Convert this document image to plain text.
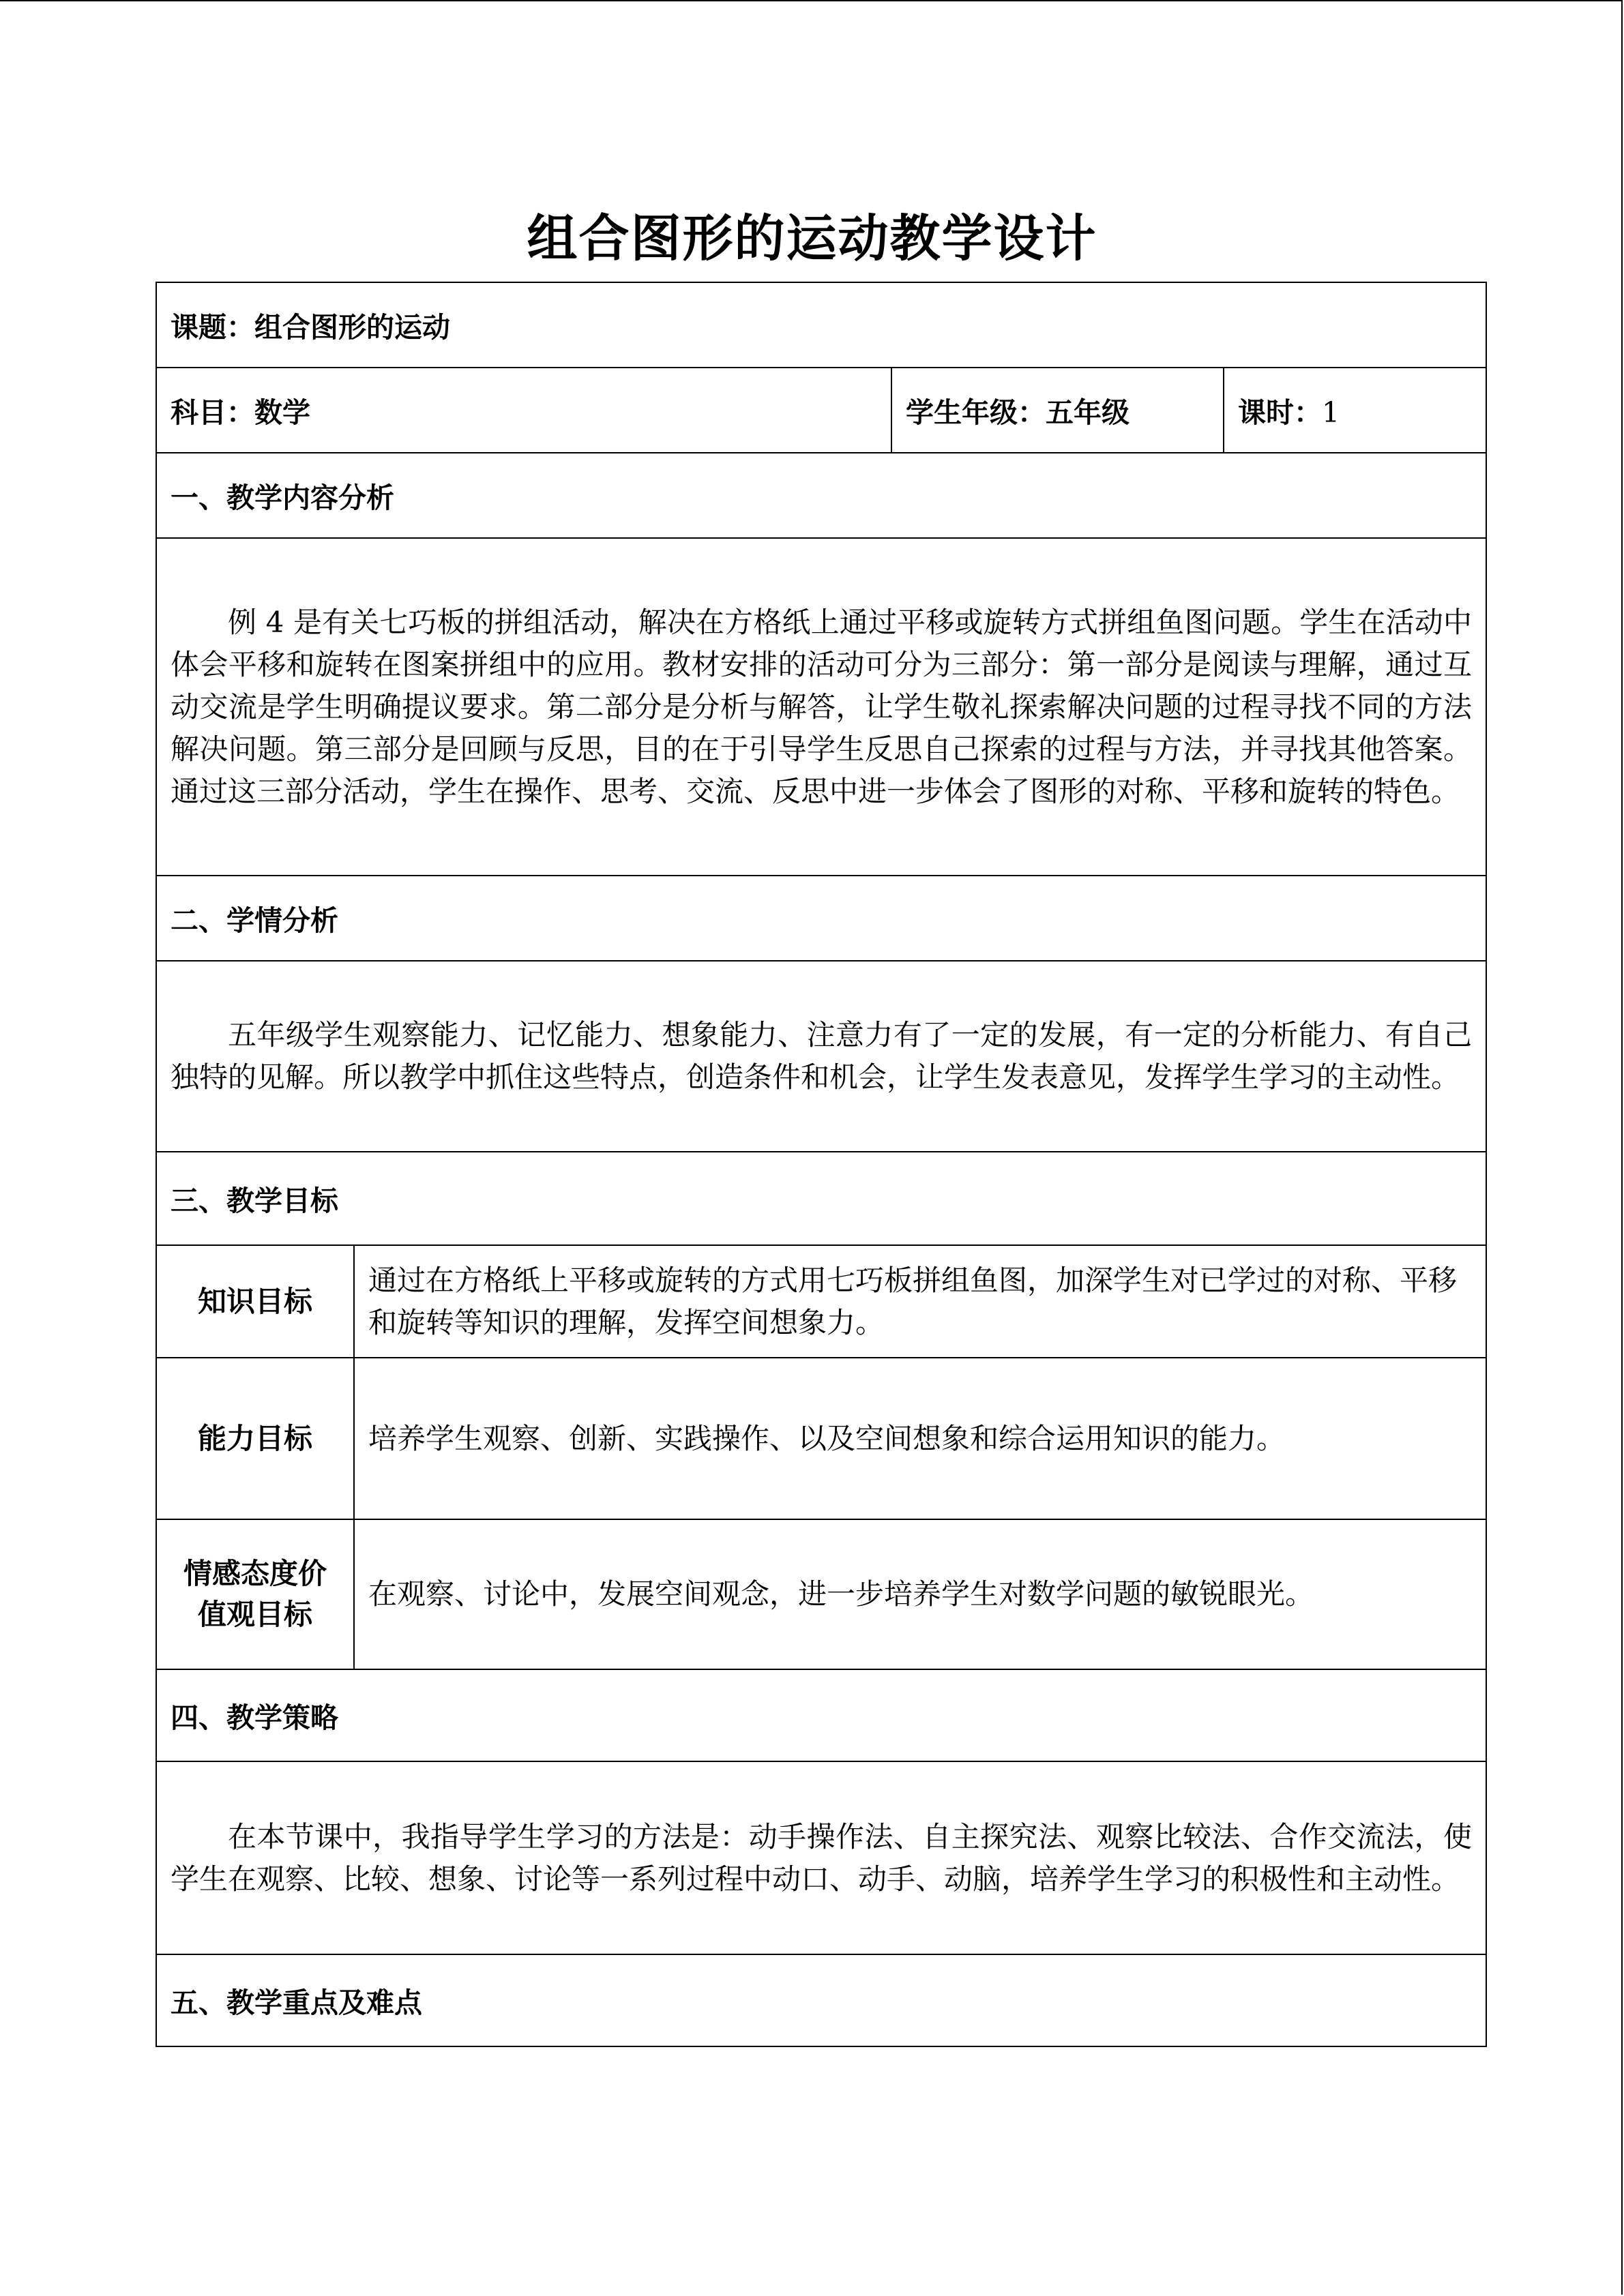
组合图形的运动教学设计
课题：组合图形的运动			
科目：数学		学生年级：五年级	课时：1
一、教学内容分析			

例 4 是有关七巧板的拼组活动，解决在方格纸上通过平移或旋转方式拼组鱼图问题。学生在活动中体会平移和旋转在图案拼组中的应用。教材安排的活动可分为三部分：第一部分是阅读与理解，通过互动交流是学生明确提议要求。第二部分是分析与解答，让学生敬礼探索解决问题的过程寻找不同的方法解决问题。第三部分是回顾与反思，目的在于引导学生反思自己探索的过程与方法，并寻找其他答案。通过这三部分活动，学生在操作、思考、交流、反思中进一步体会了图形的对称、平移和旋转的特色。			

二、学情分析			

五年级学生观察能力、记忆能力、想象能力、注意力有了一定的发展，有一定的分析能力、有自己独特的见解。所以教学中抓住这些特点，创造条件和机会，让学生发表意见，发挥学生学习的主动性。			

三、教学目标			
知识目标	通过在方格纸上平移或旋转的方式用七巧板拼组鱼图，加深学生对已学过的对称、平移和旋转等知识的理解，发挥空间想象力。		
能力目标	培养学生观察、创新、实践操作、以及空间想象和综合运用知识的能力。		
情感态度价值观目标	在观察、讨论中，发展空间观念，进一步培养学生对数学问题的敏锐眼光。		
四、教学策略			

在本节课中，我指导学生学习的方法是：动手操作法、自主探究法、观察比较法、合作交流法，使学生在观察、比较、想象、讨论等一系列过程中动口、动手、动脑，培养学生学习的积极性和主动性。			

五、教学重点及难点			
